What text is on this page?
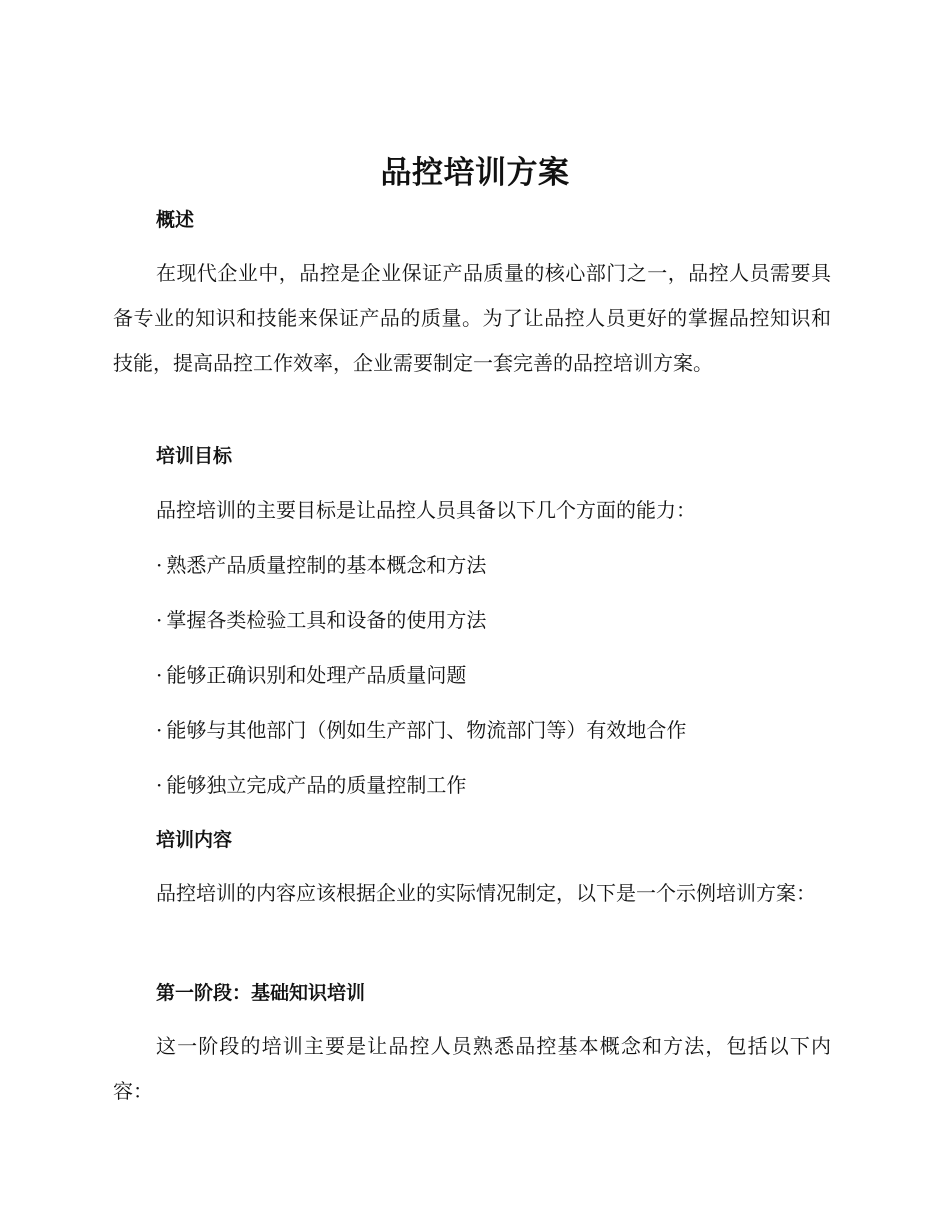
品控培训方案
概述
在现代企业中，品控是企业保证产品质量的核心部门之一，品控人员需要具备专业的知识和技能来保证产品的质量。为了让品控人员更好的掌握品控知识和技能，提高品控工作效率，企业需要制定一套完善的品控培训方案。
培训目标
品控培训的主要目标是让品控人员具备以下几个方面的能力：
· 熟悉产品质量控制的基本概念和方法
· 掌握各类检验工具和设备的使用方法
· 能够正确识别和处理产品质量问题
· 能够与其他部门（例如生产部门、物流部门等）有效地合作
· 能够独立完成产品的质量控制工作
培训内容
品控培训的内容应该根据企业的实际情况制定，以下是一个示例培训方案：
第一阶段：基础知识培训
这一阶段的培训主要是让品控人员熟悉品控基本概念和方法，包括以下内容：
